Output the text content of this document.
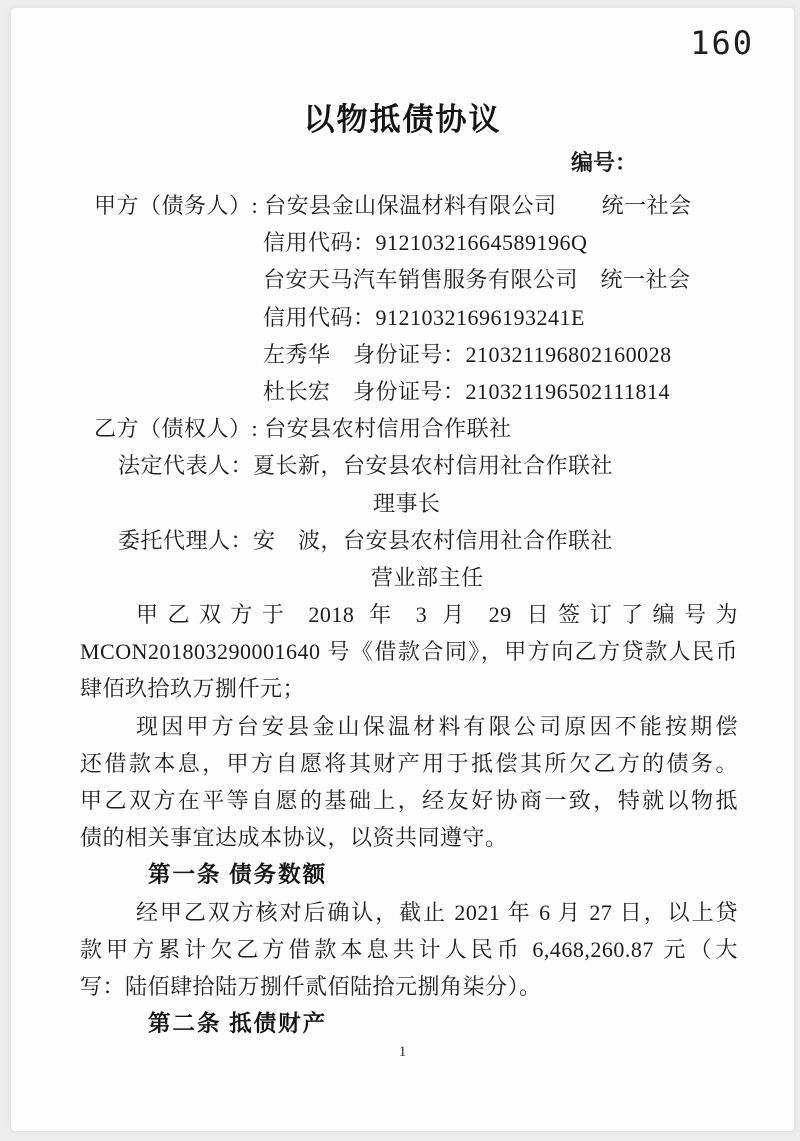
160
以物抵债协议
编号：
甲方（债务人）: 台安县金山保温材料有限公司　　统一社会
信用代码：91210321664589196Q
台安天马汽车销售服务有限公司　统一社会
信用代码：91210321696193241E
左秀华　身份证号：210321196802160028
杜长宏　身份证号：210321196502111814
乙方（债权人）: 台安县农村信用合作联社
法定代表人：夏长新，台安县农村信用社合作联社
理事长
委托代理人：安　波，台安县农村信用社合作联社
营业部主任
甲乙双方于 2018 年 3 月 29 日签订了编号为
MCON201803290001640 号《借款合同》，甲方向乙方贷款人民币
肆佰玖拾玖万捌仟元；
现因甲方台安县金山保温材料有限公司原因不能按期偿
还借款本息，甲方自愿将其财产用于抵偿其所欠乙方的债务。
甲乙双方在平等自愿的基础上，经友好协商一致，特就以物抵
债的相关事宜达成本协议，以资共同遵守。
第一条 债务数额
经甲乙双方核对后确认，截止 2021 年 6 月 27 日，以上贷
款甲方累计欠乙方借款本息共计人民币 6,468,260.87 元（大
写：陆佰肆拾陆万捌仟贰佰陆拾元捌角柒分）。
第二条 抵债财产
1
